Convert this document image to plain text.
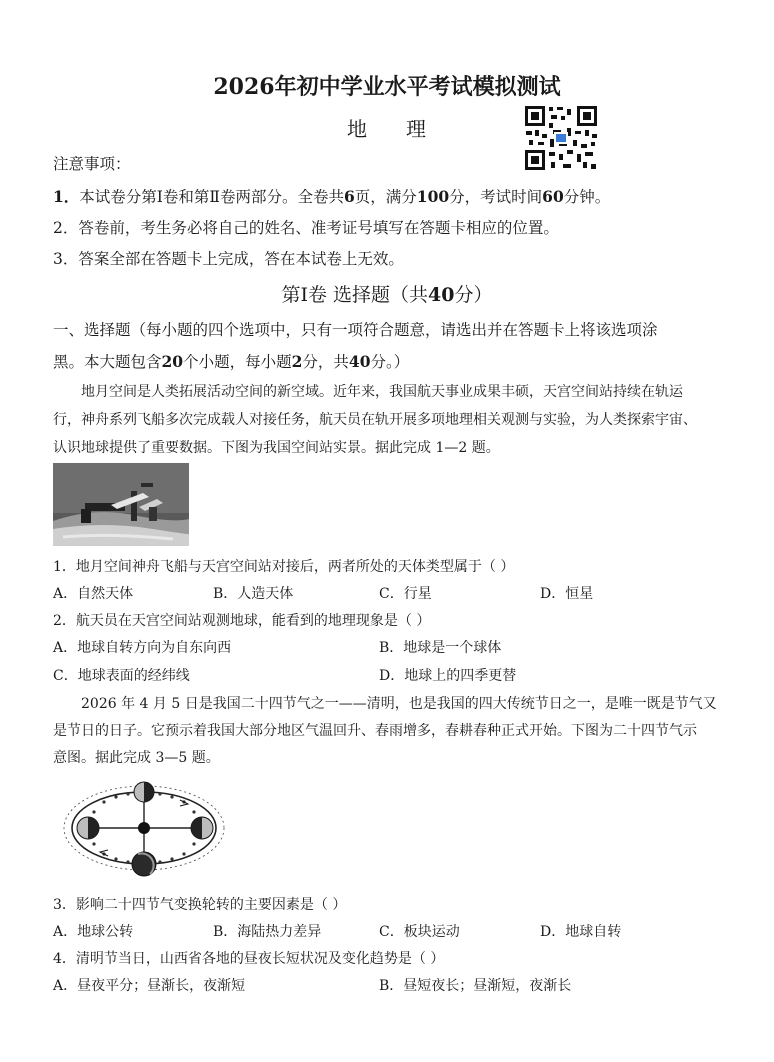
2026年初中学业水平考试模拟测试
地 理
注意事项：
1．本试卷分第Ⅰ卷和第Ⅱ卷两部分。全卷共6页，满分100分，考试时间60分钟。
2．答卷前，考生务必将自己的姓名、准考证号填写在答题卡相应的位置。
3．答案全部在答题卡上完成，答在本试卷上无效。
第Ⅰ卷 选择题（共40分）
一、选择题（每小题的四个选项中，只有一项符合题意，请选出并在答题卡上将该选项涂
黑。本大题包含20个小题，每小题2分，共40分。）
地月空间是人类拓展活动空间的新空域。近年来，我国航天事业成果丰硕，天宫空间站持续在轨运
行，神舟系列飞船多次完成载人对接任务，航天员在轨开展多项地理相关观测与实验，为人类探索宇宙、
认识地球提供了重要数据。下图为我国空间站实景。据此完成 1—2 题。
1．地月空间神舟飞船与天宫空间站对接后，两者所处的天体类型属于（ ）
A．自然天体	B．人造天体	C．行星	D．恒星
2．航天员在天宫空间站观测地球，能看到的地理现象是（ ）
A．地球自转方向为自东向西	B．地球是一个球体
C．地球表面的经纬线	D．地球上的四季更替
2026 年 4 月 5 日是我国二十四节气之一——清明，也是我国的四大传统节日之一，是唯一既是节气又
是节日的日子。它预示着我国大部分地区气温回升、春雨增多，春耕春种正式开始。下图为二十四节气示
意图。据此完成 3—5 题。
3．影响二十四节气变换轮转的主要因素是（ ）
A．地球公转	B．海陆热力差异	C．板块运动	D．地球自转
4．清明节当日，山西省各地的昼夜长短状况及变化趋势是（ ）
A．昼夜平分；昼渐长，夜渐短	B．昼短夜长；昼渐短，夜渐长
